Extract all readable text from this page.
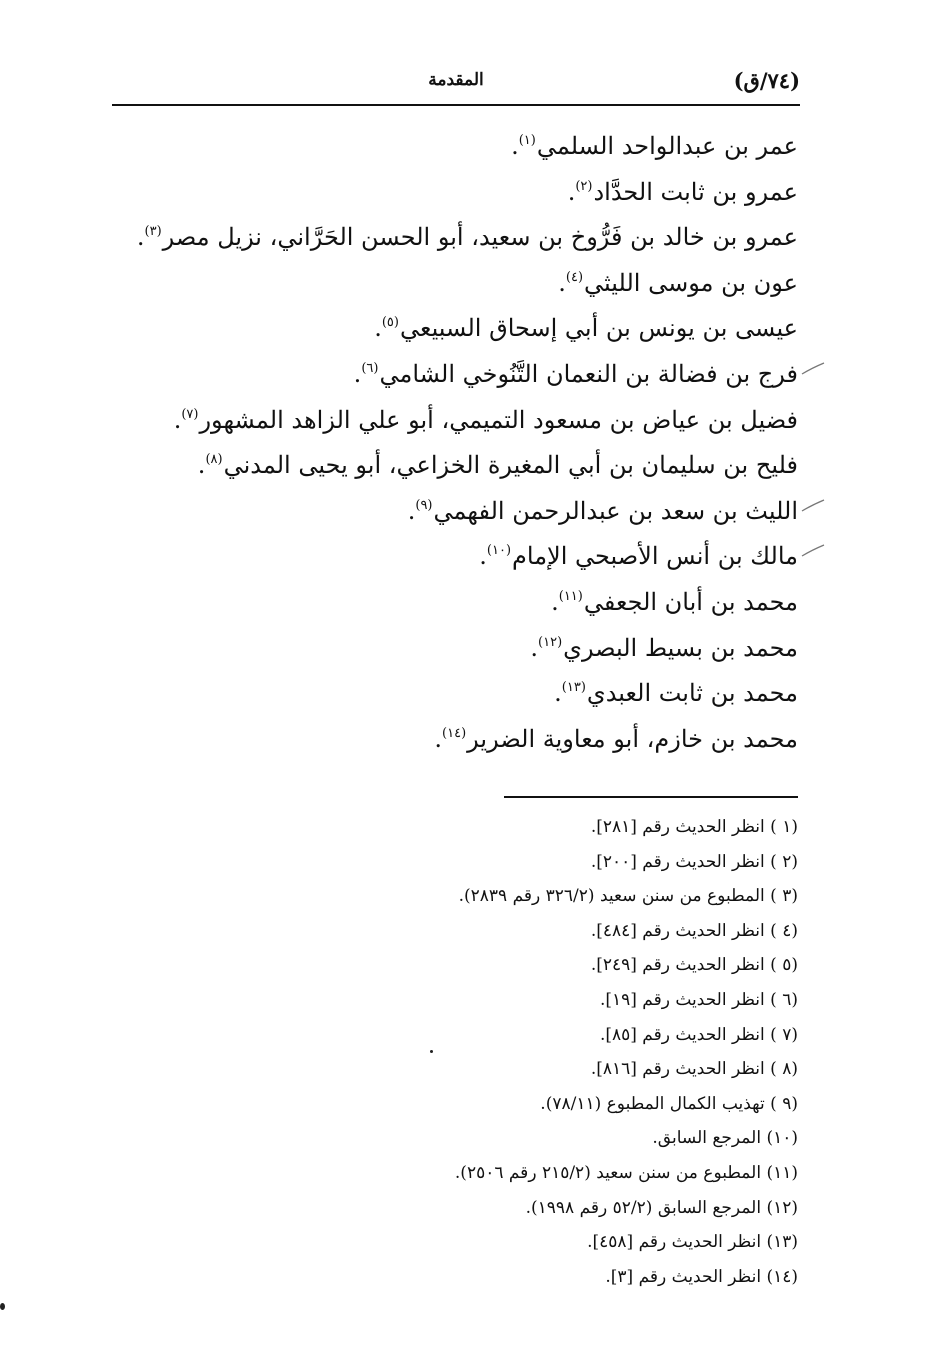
(٧٤/ق)
المقدمة
عمر بن عبدالواحد السلمي$^{(١)}$.
عمرو بن ثابت الحدَّاد$^{(٢)}$.
عمرو بن خالد بن فَرُّوخ بن سعيد، أبو الحسن الحَرَّاني، نزيل مصر$^{(٣)}$.
عون بن موسى الليثي$^{(٤)}$.
عيسى بن يونس بن أبي إسحاق السبيعي$^{(٥)}$.
فرج بن فضالة بن النعمان التَّنُوخي الشامي$^{(٦)}$.
فضيل بن عياض بن مسعود التميمي، أبو علي الزاهد المشهور$^{(٧)}$.
فليح بن سليمان بن أبي المغيرة الخزاعي، أبو يحيى المدني$^{(٨)}$.
الليث بن سعد بن عبدالرحمن الفهمي$^{(٩)}$.
مالك بن أنس الأصبحي الإمام$^{(١٠)}$.
محمد بن أبان الجعفي$^{(١١)}$.
محمد بن بسيط البصري$^{(١٢)}$.
محمد بن ثابت العبدي$^{(١٣)}$.
محمد بن خازم، أبو معاوية الضرير$^{(١٤)}$.
(١ ) انظر الحديث رقم [٢٨١].
(٢ ) انظر الحديث رقم [٢٠٠].
(٣ ) المطبوع من سنن سعيد (٣٢٦/٢ رقم ٢٨٣٩).
(٤ ) انظر الحديث رقم [٤٨٤].
(٥ ) انظر الحديث رقم [٢٤٩].
(٦ ) انظر الحديث رقم [١٩].
(٧ ) انظر الحديث رقم [٨٥].
(٨ ) انظر الحديث رقم [٨١٦].
(٩ ) تهذيب الكمال المطبوع (٧٨/١١).
(١٠) المرجع السابق.
(١١) المطبوع من سنن سعيد (٢١٥/٢ رقم ٢٥٠٦).
(١٢) المرجع السابق (٥٢/٢ رقم ١٩٩٨).
(١٣) انظر الحديث رقم [٤٥٨].
(١٤) انظر الحديث رقم [٣].
